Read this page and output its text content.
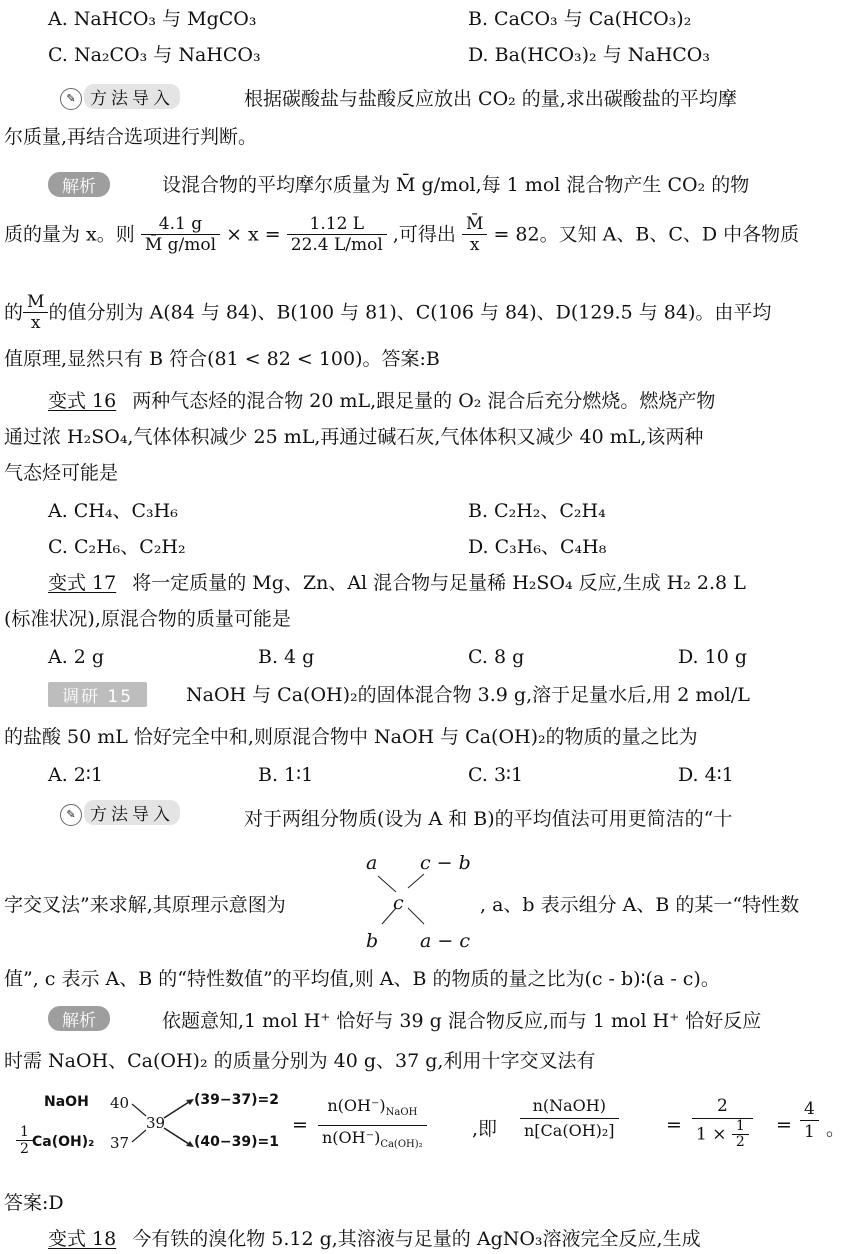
A. NaHCO₃ 与 MgCO₃	B. CaCO₃ 与 Ca(HCO₃)₂
C. Na₂CO₃ 与 NaHCO₃	D. Ba(HCO₃)₂ 与 NaHCO₃
✎ 方法导入	根据碳酸盐与盐酸反应放出 CO₂ 的量,求出碳酸盐的平均摩
尔质量,再结合选项进行判断。
解析	设混合物的平均摩尔质量为 M̄ g/mol,每 1 mol 混合物产生 CO₂ 的物
质的量为 x。则 $\frac{4.1 g}{\text{M̄ g/mol}} \times x = \frac{1.12 L}{\text{22.4 L/mol}}$ ,可得出 $\frac{M̄}{x} = 82$。又知 A、B、C、D 中各物质
的 $\frac{M}{x}$ 的值分别为 A(84 与 84)、B(100 与 81)、C(106 与 84)、D(129.5 与 84)。由平均
值原理,显然只有 B 符合(81 < 82 < 100)。答案:B
变式 16 两种气态烃的混合物 20 mL,跟足量的 O₂ 混合后充分燃烧。燃烧产物
通过浓 H₂SO₄,气体体积减少 25 mL,再通过碱石灰,气体体积又减少 40 mL,该两种
气态烃可能是
A. CH₄、C₃H₆	B. C₂H₂、C₂H₄
C. C₂H₆、C₂H₂	D. C₃H₆、C₄H₈
变式 17 将一定质量的 Mg、Zn、Al 混合物与足量稀 H₂SO₄ 反应,生成 H₂ 2.8 L
(标准状况),原混合物的质量可能是
A. 2 g	B. 4 g	C. 8 g	D. 10 g
调研 15	NaOH 与 Ca(OH)₂的固体混合物 3.9 g,溶于足量水后,用 2 mol/L
的盐酸 50 mL 恰好完全中和,则原混合物中 NaOH 与 Ca(OH)₂的物质的量之比为
A. 2∶1	B. 1∶1	C. 3∶1	D. 4∶1
✎ 方法导入	对于两组分物质(设为 A 和 B)的平均值法可用更简洁的“十
字交叉法”来求解,其原理示意图为
a c − b
c
b a − c
, a、b 表示组分 A、B 的某一“特性数
值”, c 表示 A、B 的“特性数值”的平均值,则 A、B 的物质的量之比为(c - b)∶(a - c)。
解析	依题意知,1 mol H⁺ 恰好与 39 g 混合物反应,而与 1 mol H⁺ 恰好反应
时需 NaOH、Ca(OH)₂ 的质量分别为 40 g、37 g,利用十字交叉法有
NaOH 40
$\frac{1}{2} Ca(OH)_2$ 37
39
(39−37)=2
(40−39)=1
= $\frac{n(OH^-)_{NaOH}}{n(OH^-)_{Ca(OH)_2}}$ ,即 $\frac{\text{n(NaOH)}}{\text{n[Ca(OH)₂]}} = \frac{2}{1 \times \frac{1}{2}} = \frac{4}{1}$ 。
答案:D
变式 18 今有铁的溴化物 5.12 g,其溶液与足量的 AgNO₃溶液完全反应,生成
